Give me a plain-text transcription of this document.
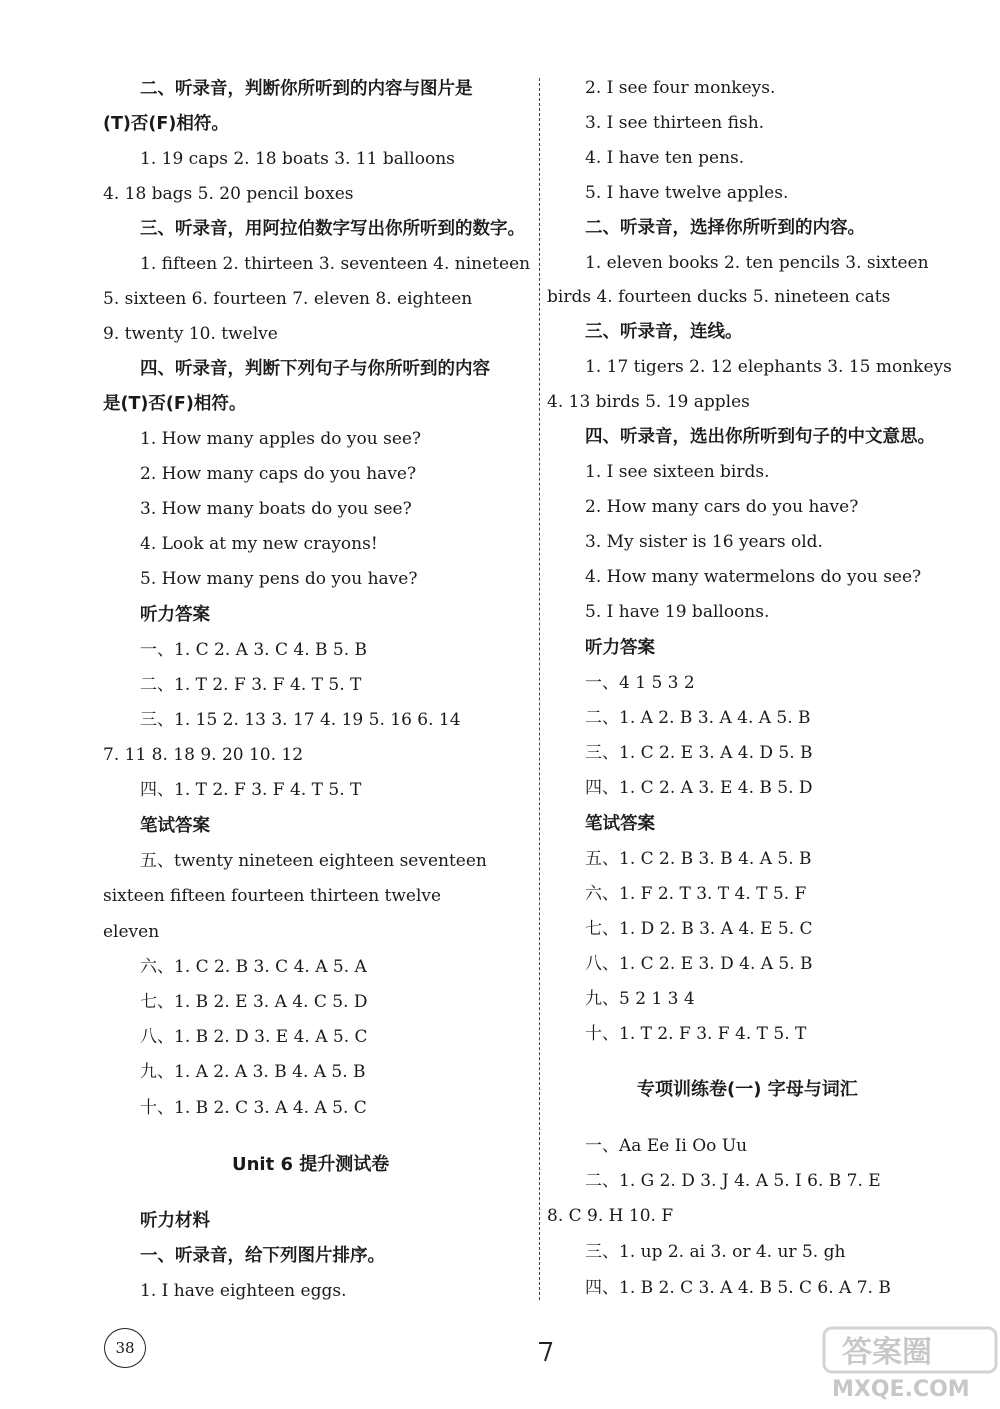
二、听录音，判断你所听到的内容与图片是
(T)否(F)相符。
1. 19 caps 2. 18 boats 3. 11 balloons
4. 18 bags 5. 20 pencil boxes
三、听录音，用阿拉伯数字写出你所听到的数字。
1. fifteen 2. thirteen 3. seventeen 4. nineteen
5. sixteen 6. fourteen 7. eleven 8. eighteen
9. twenty 10. twelve
四、听录音，判断下列句子与你所听到的内容
是(T)否(F)相符。
1. How many apples do you see?
2. How many caps do you have?
3. How many boats do you see?
4. Look at my new crayons!
5. How many pens do you have?
听力答案
一、1. C 2. A 3. C 4. B 5. B
二、1. T 2. F 3. F 4. T 5. T
三、1. 15 2. 13 3. 17 4. 19 5. 16 6. 14
7. 11 8. 18 9. 20 10. 12
四、1. T 2. F 3. F 4. T 5. T
笔试答案
五、twenty nineteen eighteen seventeen
sixteen fifteen fourteen thirteen twelve
eleven
六、1. C 2. B 3. C 4. A 5. A
七、1. B 2. E 3. A 4. C 5. D
八、1. B 2. D 3. E 4. A 5. C
九、1. A 2. A 3. B 4. A 5. B
十、1. B 2. C 3. A 4. A 5. C
Unit 6 提升测试卷
听力材料
一、听录音，给下列图片排序。
1. I have eighteen eggs.
2. I see four monkeys.
3. I see thirteen fish.
4. I have ten pens.
5. I have twelve apples.
二、听录音，选择你所听到的内容。
1. eleven books 2. ten pencils 3. sixteen
birds 4. fourteen ducks 5. nineteen cats
三、听录音，连线。
1. 17 tigers 2. 12 elephants 3. 15 monkeys
4. 13 birds 5. 19 apples
四、听录音，选出你所听到句子的中文意思。
1. I see sixteen birds.
2. How many cars do you have?
3. My sister is 16 years old.
4. How many watermelons do you see?
5. I have 19 balloons.
听力答案
一、4 1 5 3 2
二、1. A 2. B 3. A 4. A 5. B
三、1. C 2. E 3. A 4. D 5. B
四、1. C 2. A 3. E 4. B 5. D
笔试答案
五、1. C 2. B 3. B 4. A 5. B
六、1. F 2. T 3. T 4. T 5. F
七、1. D 2. B 3. A 4. E 5. C
八、1. C 2. E 3. D 4. A 5. B
九、5 2 1 3 4
十、1. T 2. F 3. F 4. T 5. T
专项训练卷(一) 字母与词汇
一、Aa Ee Ii Oo Uu
二、1. G 2. D 3. J 4. A 5. I 6. B 7. E
8. C 9. H 10. F
三、1. up 2. ai 3. or 4. ur 5. gh
四、1. B 2. C 3. A 4. B 5. C 6. A 7. B
38	答案圈
MXQE.COM
